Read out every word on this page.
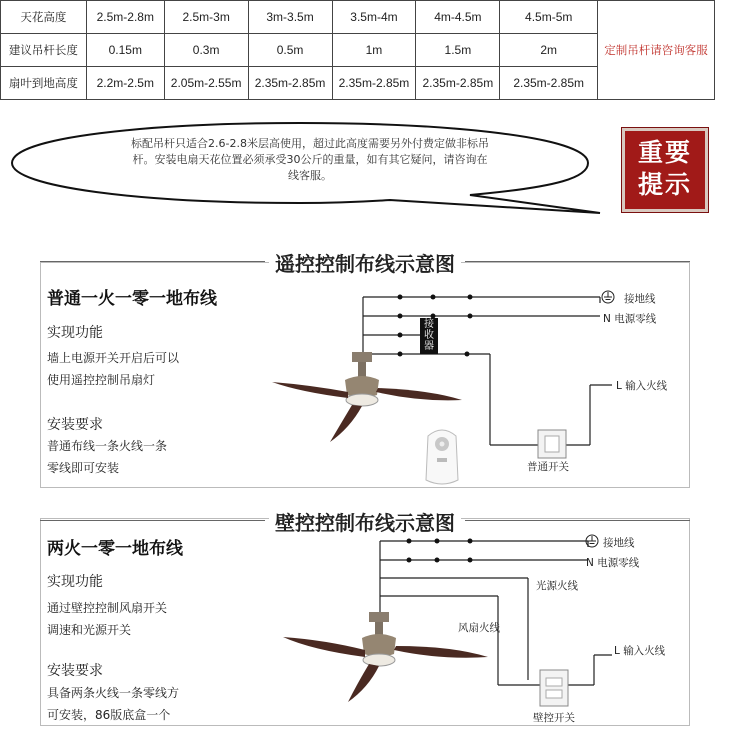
天花高度	2.5m-2.8m	2.5m-3m	3m-3.5m	3.5m-4m	4m-4.5m	4.5m-5m	定制吊杆请咨询客服
建议吊杆长度	0.15m	0.3m	0.5m	1m	1.5m	2m	
扇叶到地高度	2.2m-2.5m	2.05m-2.55m	2.35m-2.85m	2.35m-2.85m	2.35m-2.85m	2.35m-2.85m	
标配吊杆只适合2.6-2.8米层高使用，超过此高度需要另外付费定做非标吊
杆。安装电扇天花位置必须承受30公斤的重量，如有其它疑问，请咨询在
线客服。
重要
提示
遥控控制布线示意图
普通一火一零一地布线
实现功能
墙上电源开关开启后可以
使用遥控控制吊扇灯
安装要求
普通布线一条火线一条
零线即可安装
壁控控制布线示意图
两火一零一地布线
实现功能
通过壁控控制风扇开关
调速和光源开关
安装要求
具备两条火线一条零线方
可安装，86版底盒一个
接地线
N 电源零线
接收器
L 输入火线
普通开关
接地线
N 电源零线
光源火线
风扇火线
L 输入火线
壁控开关
